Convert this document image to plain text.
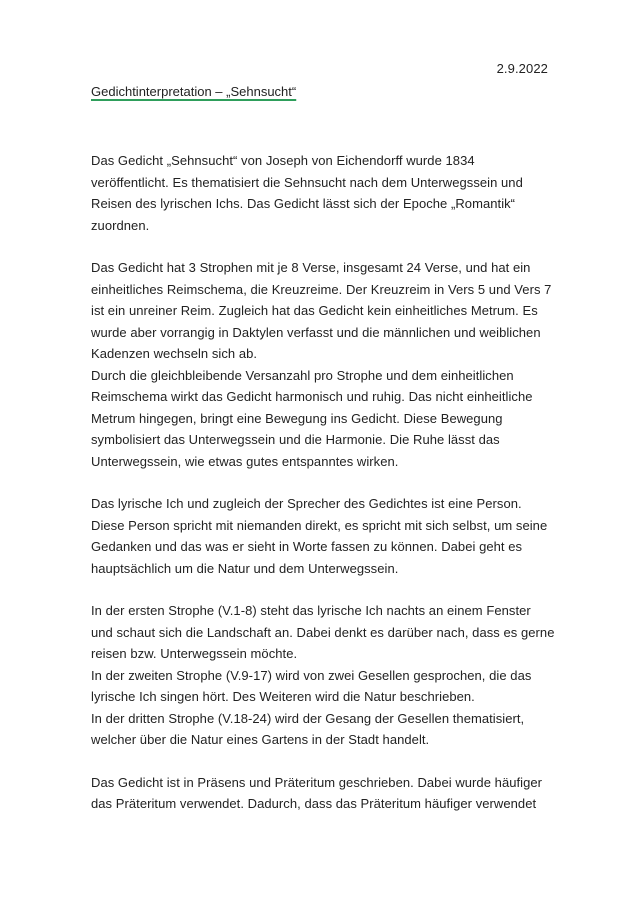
2.9.2022
Gedichtinterpretation – „Sehnsucht“
Das Gedicht „Sehnsucht“ von Joseph von Eichendorff wurde 1834
veröffentlicht. Es thematisiert die Sehnsucht nach dem Unterwegssein und
Reisen des lyrischen Ichs. Das Gedicht lässt sich der Epoche „Romantik“
zuordnen.
Das Gedicht hat 3 Strophen mit je 8 Verse, insgesamt 24 Verse, und hat ein
einheitliches Reimschema, die Kreuzreime. Der Kreuzreim in Vers 5 und Vers 7
ist ein unreiner Reim. Zugleich hat das Gedicht kein einheitliches Metrum. Es
wurde aber vorrangig in Daktylen verfasst und die männlichen und weiblichen
Kadenzen wechseln sich ab.
Durch die gleichbleibende Versanzahl pro Strophe und dem einheitlichen
Reimschema wirkt das Gedicht harmonisch und ruhig. Das nicht einheitliche
Metrum hingegen, bringt eine Bewegung ins Gedicht. Diese Bewegung
symbolisiert das Unterwegssein und die Harmonie. Die Ruhe lässt das
Unterwegssein, wie etwas gutes entspanntes wirken.
Das lyrische Ich und zugleich der Sprecher des Gedichtes ist eine Person.
Diese Person spricht mit niemanden direkt, es spricht mit sich selbst, um seine
Gedanken und das was er sieht in Worte fassen zu können. Dabei geht es
hauptsächlich um die Natur und dem Unterwegssein.
In der ersten Strophe (V.1-8) steht das lyrische Ich nachts an einem Fenster
und schaut sich die Landschaft an. Dabei denkt es darüber nach, dass es gerne
reisen bzw. Unterwegssein möchte.
In der zweiten Strophe (V.9-17) wird von zwei Gesellen gesprochen, die das
lyrische Ich singen hört. Des Weiteren wird die Natur beschrieben.
In der dritten Strophe (V.18-24) wird der Gesang der Gesellen thematisiert,
welcher über die Natur eines Gartens in der Stadt handelt.
Das Gedicht ist in Präsens und Präteritum geschrieben. Dabei wurde häufiger
das Präteritum verwendet. Dadurch, dass das Präteritum häufiger verwendet
